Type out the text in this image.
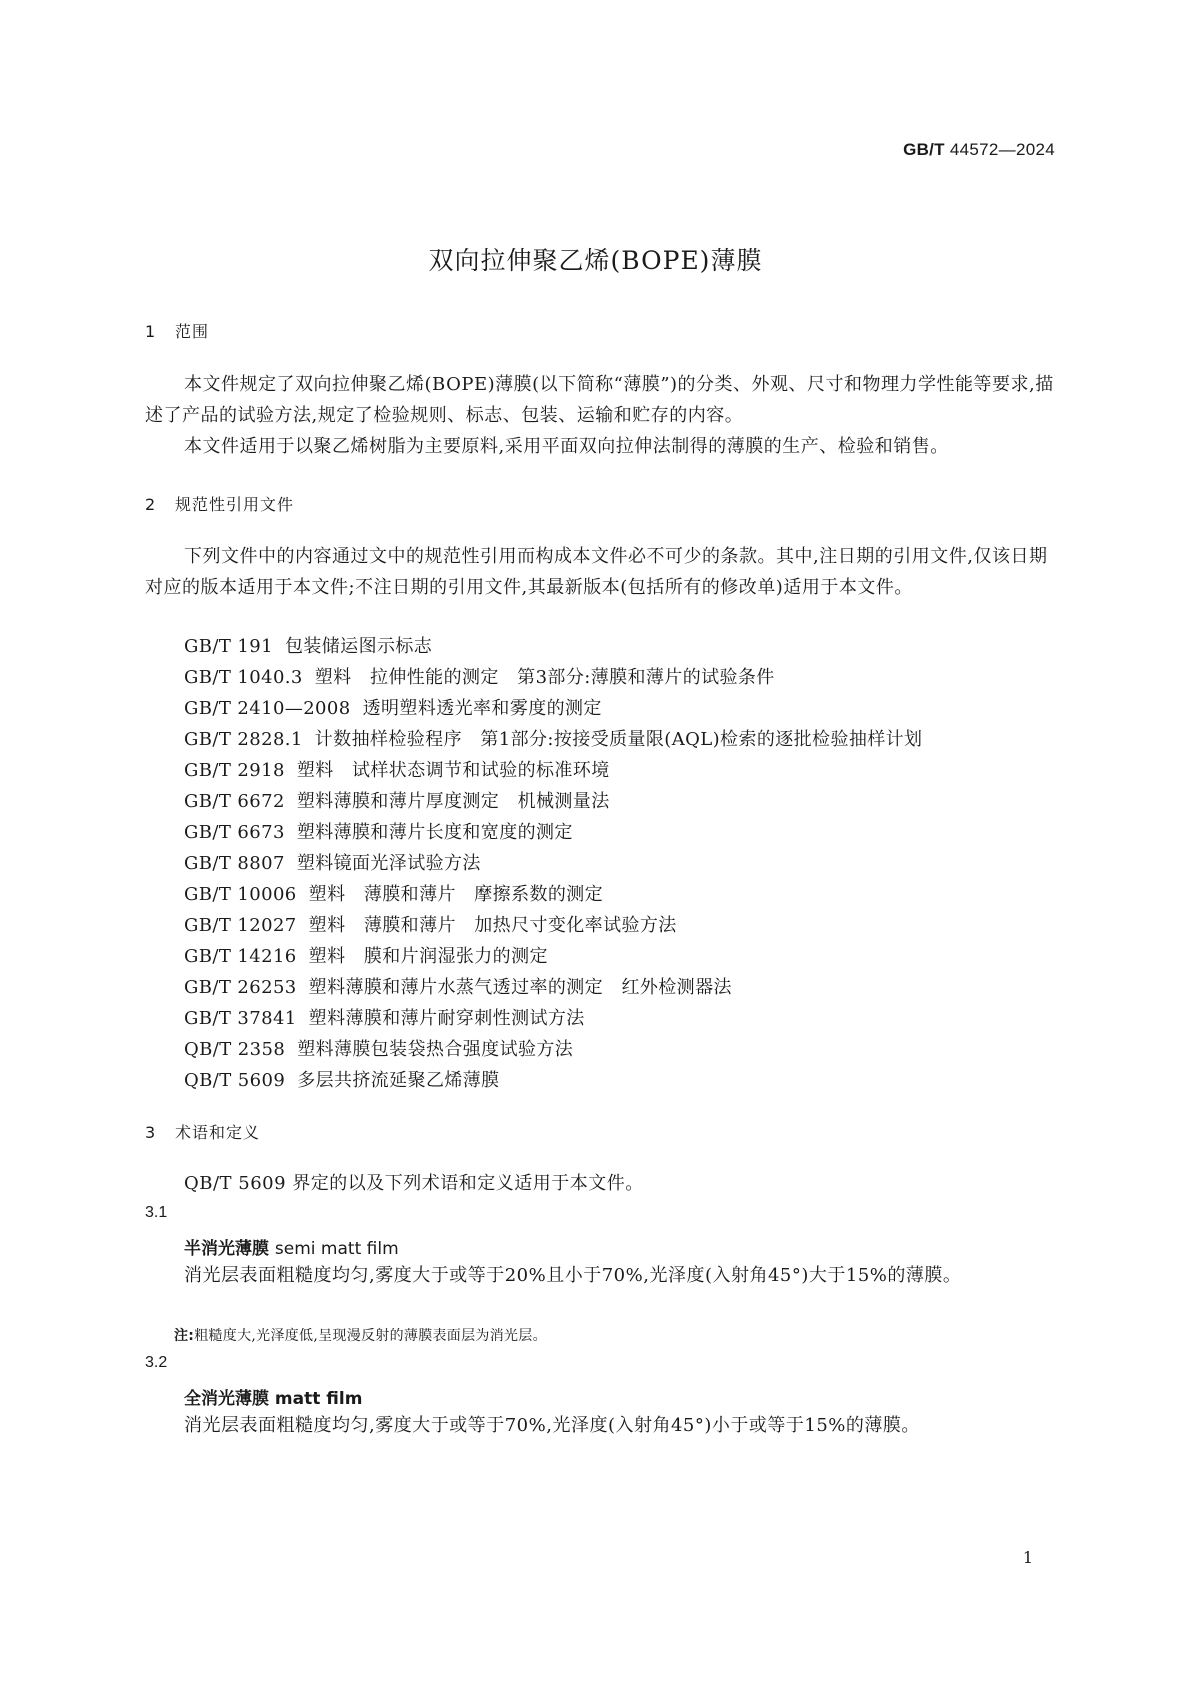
GB/T 44572—2024
双向拉伸聚乙烯(BOPE)薄膜
1 范围
本文件规定了双向拉伸聚乙烯(BOPE)薄膜(以下简称“薄膜”)的分类、外观、尺寸和物理力学性能等要求,描述了产品的试验方法,规定了检验规则、标志、包装、运输和贮存的内容。
本文件适用于以聚乙烯树脂为主要原料,采用平面双向拉伸法制得的薄膜的生产、检验和销售。
2 规范性引用文件
下列文件中的内容通过文中的规范性引用而构成本文件必不可少的条款。其中,注日期的引用文件,仅该日期对应的版本适用于本文件;不注日期的引用文件,其最新版本(包括所有的修改单)适用于本文件。
GB/T 191 包装储运图示标志
GB/T 1040.3 塑料　拉伸性能的测定　第3部分:薄膜和薄片的试验条件
GB/T 2410—2008 透明塑料透光率和雾度的测定
GB/T 2828.1 计数抽样检验程序　第1部分:按接受质量限(AQL)检索的逐批检验抽样计划
GB/T 2918 塑料　试样状态调节和试验的标准环境
GB/T 6672 塑料薄膜和薄片厚度测定　机械测量法
GB/T 6673 塑料薄膜和薄片长度和宽度的测定
GB/T 8807 塑料镜面光泽试验方法
GB/T 10006 塑料　薄膜和薄片　摩擦系数的测定
GB/T 12027 塑料　薄膜和薄片　加热尺寸变化率试验方法
GB/T 14216 塑料　膜和片润湿张力的测定
GB/T 26253 塑料薄膜和薄片水蒸气透过率的测定　红外检测器法
GB/T 37841 塑料薄膜和薄片耐穿刺性测试方法
QB/T 2358 塑料薄膜包装袋热合强度试验方法
QB/T 5609 多层共挤流延聚乙烯薄膜
3 术语和定义
QB/T 5609 界定的以及下列术语和定义适用于本文件。
3.1
半消光薄膜 semi matt film
消光层表面粗糙度均匀,雾度大于或等于20%且小于70%,光泽度(入射角45°)大于15%的薄膜。
注:粗糙度大,光泽度低,呈现漫反射的薄膜表面层为消光层。
3.2
全消光薄膜 matt film
消光层表面粗糙度均匀,雾度大于或等于70%,光泽度(入射角45°)小于或等于15%的薄膜。
1
